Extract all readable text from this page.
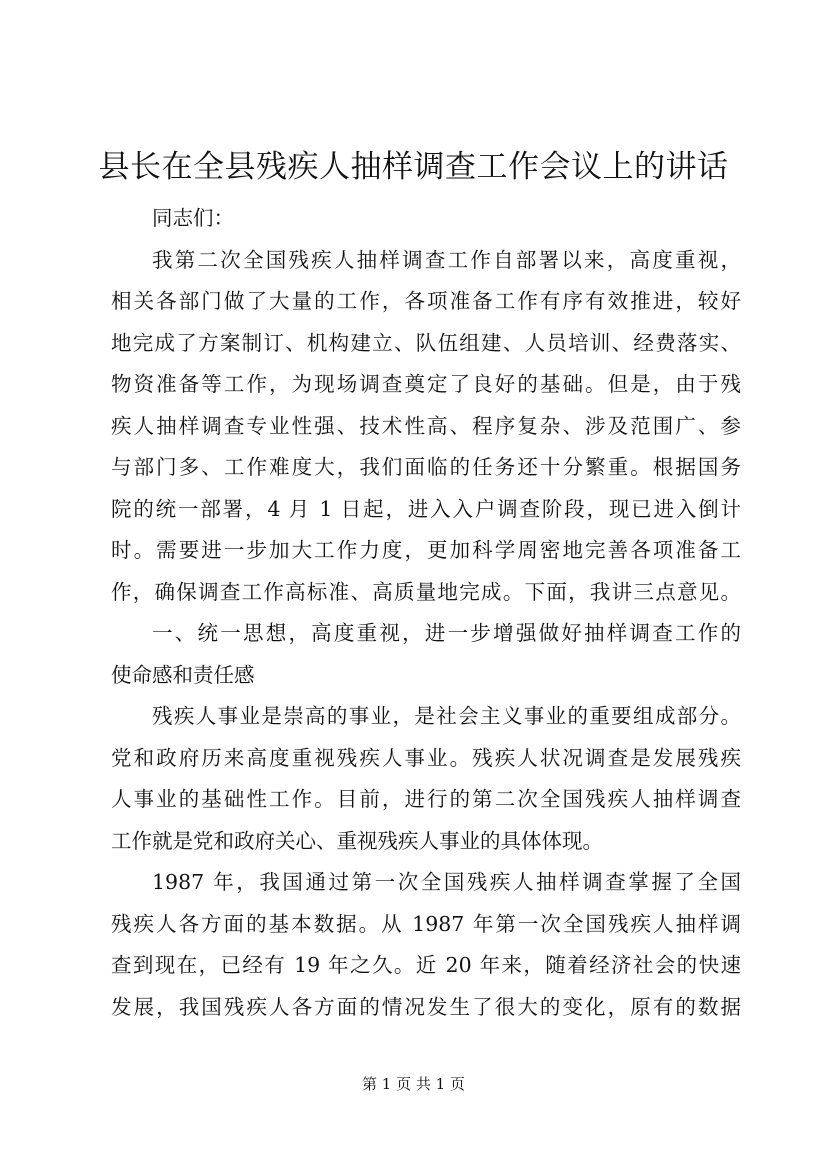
县长在全县残疾人抽样调查工作会议上的讲话
同志们：
我第二次全国残疾人抽样调查工作自部署以来，高度重视，
相关各部门做了大量的工作，各项准备工作有序有效推进，较好
地完成了方案制订、机构建立、队伍组建、人员培训、经费落实、
物资准备等工作，为现场调查奠定了良好的基础。但是，由于残
疾人抽样调查专业性强、技术性高、程序复杂、涉及范围广、参
与部门多、工作难度大，我们面临的任务还十分繁重。根据国务
院的统一部署，4 月 1 日起，进入入户调查阶段，现已进入倒计
时。需要进一步加大工作力度，更加科学周密地完善各项准备工
作，确保调查工作高标准、高质量地完成。下面，我讲三点意见。
一、统一思想，高度重视，进一步增强做好抽样调查工作的
使命感和责任感
残疾人事业是崇高的事业，是社会主义事业的重要组成部分。
党和政府历来高度重视残疾人事业。残疾人状况调查是发展残疾
人事业的基础性工作。目前，进行的第二次全国残疾人抽样调查
工作就是党和政府关心、重视残疾人事业的具体体现。
1987 年，我国通过第一次全国残疾人抽样调查掌握了全国
残疾人各方面的基本数据。从 1987 年第一次全国残疾人抽样调
查到现在，已经有 19 年之久。近 20 年来，随着经济社会的快速
发展，我国残疾人各方面的情况发生了很大的变化，原有的数据
第 1 页 共 1 页
